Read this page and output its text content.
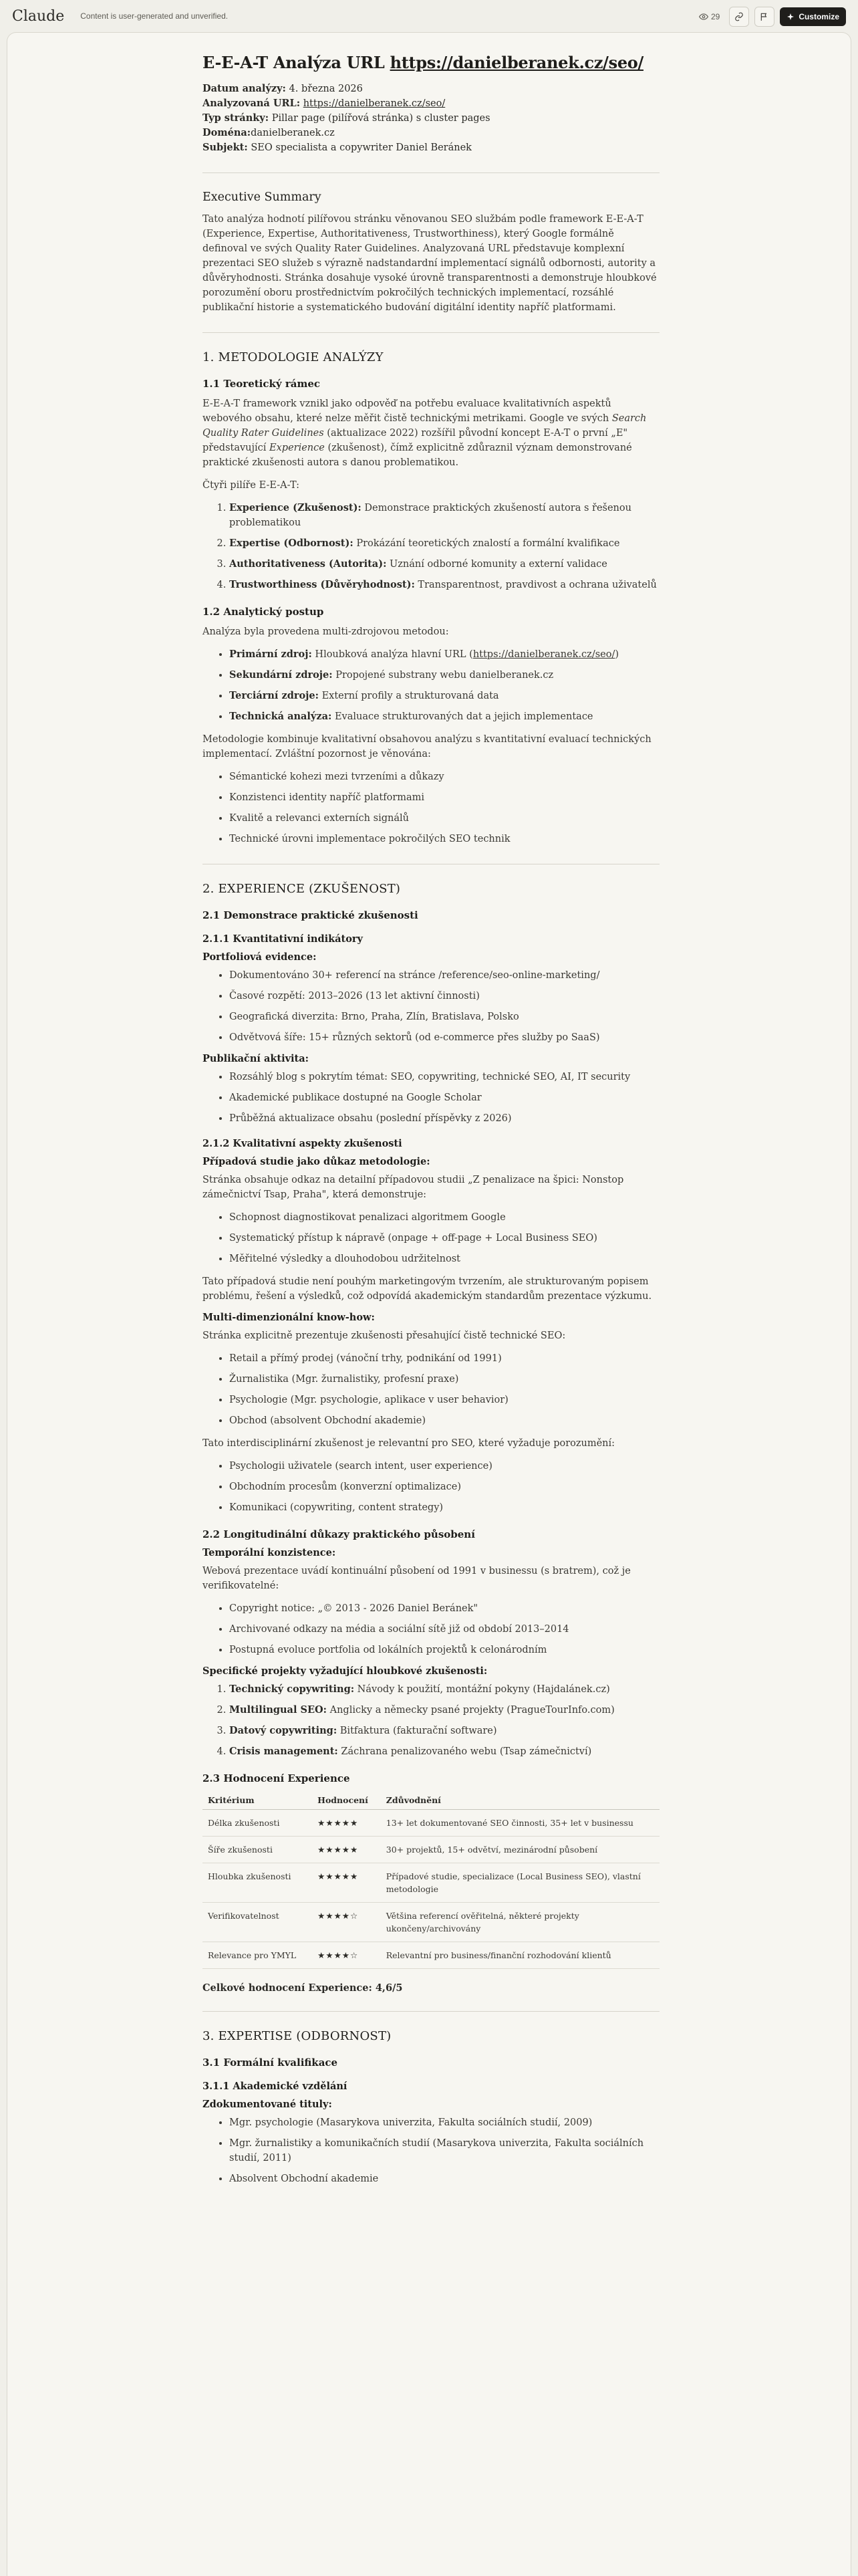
Claude Content is user-generated and unverified.	29	Customize
E-E-A-T Analýza URL https://danielberanek.cz/seo/

Datum analýzy: 4. března 2026

Analyzovaná URL: https://danielberanek.cz/seo/

Typ stránky: Pillar page (pilířová stránka) s cluster pages

Doména:danielberanek.cz

Subjekt: SEO specialista a copywriter Daniel Beránek

Executive Summary

Tato analýza hodnotí pilířovou stránku věnovanou SEO službám podle framework E-E-A-T (Experience, Expertise, Authoritativeness, Trustworthiness), který Google formálně definoval ve svých Quality Rater Guidelines. Analyzovaná URL představuje komplexní prezentaci SEO služeb s výrazně nadstandardní implementací signálů odbornosti, autority a důvěryhodnosti. Stránka dosahuje vysoké úrovně transparentnosti a demonstruje hloubkové porozumění oboru prostřednictvím pokročilých technických implementací, rozsáhlé publikační historie a systematického budování digitální identity napříč platformami.

1. METODOLOGIE ANALÝZY
1.1 Teoretický rámec

E-E-A-T framework vznikl jako odpověď na potřebu evaluace kvalitativních aspektů webového obsahu, které nelze měřit čistě technickými metrikami. Google ve svých Search Quality Rater Guidelines (aktualizace 2022) rozšířil původní koncept E-A-T o první „E" představující Experience (zkušenost), čímž explicitně zdůraznil význam demonstrované praktické zkušenosti autora s danou problematikou.

Čtyři pilíře E-E-A-T:

1. Experience (Zkušenost): Demonstrace praktických zkušeností autora s řešenou problematikou
2. Expertise (Odbornost): Prokázání teoretických znalostí a formální kvalifikace
3. Authoritativeness (Autorita): Uznání odborné komunity a externí validace
4. Trustworthiness (Důvěryhodnost): Transparentnost, pravdivost a ochrana uživatelů
1.2 Analytický postup

Analýza byla provedena multi-zdrojovou metodou:

• Primární zdroj: Hloubková analýza hlavní URL (https://danielberanek.cz/seo/)
• Sekundární zdroje: Propojené substrany webu danielberanek.cz
• Terciární zdroje: Externí profily a strukturovaná data
• Technická analýza: Evaluace strukturovaných dat a jejich implementace

Metodologie kombinuje kvalitativní obsahovou analýzu s kvantitativní evaluací technických implementací. Zvláštní pozornost je věnována:

• Sémantické kohezi mezi tvrzeními a důkazy
• Konzistenci identity napříč platformami
• Kvalitě a relevanci externích signálů
• Technické úrovni implementace pokročilých SEO technik
2. EXPERIENCE (ZKUŠENOST)
2.1 Demonstrace praktické zkušenosti
2.1.1 Kvantitativní indikátory
Portfoliová evidence:
• Dokumentováno 30+ referencí na stránce /reference/seo-online-marketing/
• Časové rozpětí: 2013–2026 (13 let aktivní činnosti)
• Geografická diverzita: Brno, Praha, Zlín, Bratislava, Polsko
• Odvětvová šíře: 15+ různých sektorů (od e-commerce přes služby po SaaS)
Publikační aktivita:
• Rozsáhlý blog s pokrytím témat: SEO, copywriting, technické SEO, AI, IT security
• Akademické publikace dostupné na Google Scholar
• Průběžná aktualizace obsahu (poslední příspěvky z 2026)
2.1.2 Kvalitativní aspekty zkušenosti
Případová studie jako důkaz metodologie:

Stránka obsahuje odkaz na detailní případovou studii „Z penalizace na špici: Nonstop zámečnictví Tsap, Praha", která demonstruje:

• Schopnost diagnostikovat penalizaci algoritmem Google
• Systematický přístup k nápravě (onpage + off-page + Local Business SEO)
• Měřitelné výsledky a dlouhodobou udržitelnost

Tato případová studie není pouhým marketingovým tvrzením, ale strukturovaným popisem problému, řešení a výsledků, což odpovídá akademickým standardům prezentace výzkumu.

Multi-dimenzionální know-how:

Stránka explicitně prezentuje zkušenosti přesahující čistě technické SEO:

• Retail a přímý prodej (vánoční trhy, podnikání od 1991)
• Žurnalistika (Mgr. žurnalistiky, profesní praxe)
• Psychologie (Mgr. psychologie, aplikace v user behavior)
• Obchod (absolvent Obchodní akademie)

Tato interdisciplinární zkušenost je relevantní pro SEO, které vyžaduje porozumění:

• Psychologii uživatele (search intent, user experience)
• Obchodním procesům (konverzní optimalizace)
• Komunikaci (copywriting, content strategy)
2.2 Longitudinální důkazy praktického působení
Temporální konzistence:

Webová prezentace uvádí kontinuální působení od 1991 v businessu (s bratrem), což je verifikovatelné:

• Copyright notice: „© 2013 - 2026 Daniel Beránek"
• Archivované odkazy na média a sociální sítě již od období 2013–2014
• Postupná evoluce portfolia od lokálních projektů k celonárodním
Specifické projekty vyžadující hloubkové zkušenosti:
1. Technický copywriting: Návody k použití, montážní pokyny (Hajdalánek.cz)
2. Multilingual SEO: Anglicky a německy psané projekty (PragueTourInfo.com)
3. Datový copywriting: Bitfaktura (fakturační software)
4. Crisis management: Záchrana penalizovaného webu (Tsap zámečnictví)
2.3 Hodnocení Experience
Kritérium	Hodnocení	Zdůvodnění
Délka zkušenosti	★★★★★	13+ let dokumentované SEO činnosti, 35+ let v businessu
Šíře zkušenosti	★★★★★	30+ projektů, 15+ odvětví, mezinárodní působení
Hloubka zkušenosti	★★★★★	Případové studie, specializace (Local Business SEO), vlastní metodologie
Verifikovatelnost	★★★★☆	Většina referencí ověřitelná, některé projekty ukončeny/archivovány
Relevance pro YMYL	★★★★☆	Relevantní pro business/finanční rozhodování klientů

Celkové hodnocení Experience: 4,6/5

3. EXPERTISE (ODBORNOST)
3.1 Formální kvalifikace
3.1.1 Akademické vzdělání
Zdokumentované tituly:
• Mgr. psychologie (Masarykova univerzita, Fakulta sociálních studií, 2009)
• Mgr. žurnalistiky a komunikačních studií (Masarykova univerzita, Fakulta sociálních studií, 2011)
• Absolvent Obchodní akademie
